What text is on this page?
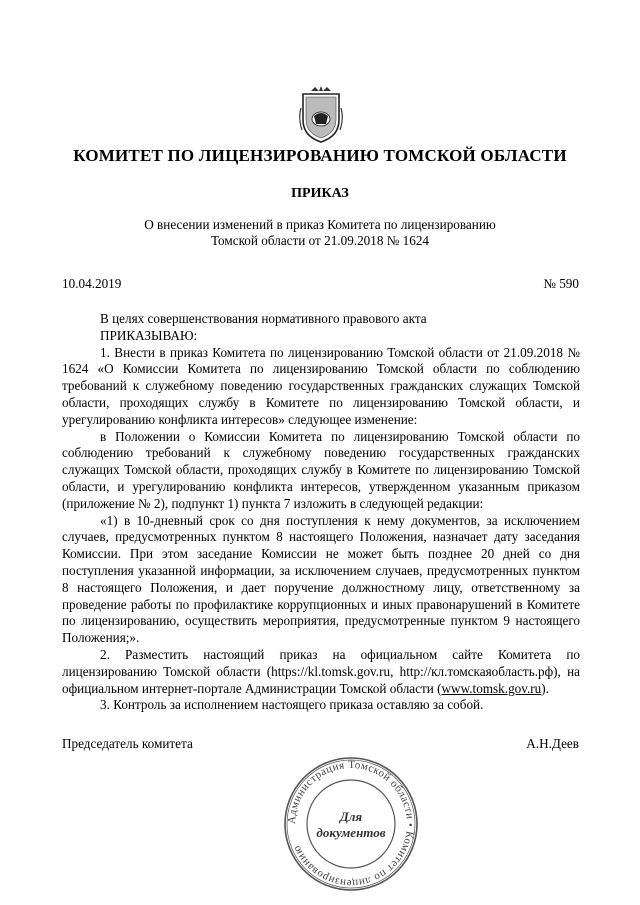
КОМИТЕТ ПО ЛИЦЕНЗИРОВАНИЮ ТОМСКОЙ ОБЛАСТИ
ПРИКАЗ
О внесении изменений в приказ Комитета по лицензированию
Томской области от 21.09.2018 № 1624
10.04.2019	№ 590

В целях совершенствования нормативного правового акта

ПРИКАЗЫВАЮ:

1. Внести в приказ Комитета по лицензированию Томской области от 21.09.2018 № 1624 «О Комиссии Комитета по лицензированию Томской области по соблюдению требований к служебному поведению государственных гражданских служащих Томской области, проходящих службу в Комитете по лицензированию Томской области, и урегулированию конфликта интересов» следующее изменение:

в Положении о Комиссии Комитета по лицензированию Томской области по соблюдению требований к служебному поведению государственных гражданских служащих Томской области, проходящих службу в Комитете по лицензированию Томской области, и урегулированию конфликта интересов, утвержденном указанным приказом (приложение № 2), подпункт 1) пункта 7 изложить в следующей редакции:

«1) в 10-дневный срок со дня поступления к нему документов, за исключением случаев, предусмотренных пунктом 8 настоящего Положения, назначает дату заседания Комиссии. При этом заседание Комиссии не может быть позднее 20 дней со дня поступления указанной информации, за исключением случаев, предусмотренных пунктом 8 настоящего Положения, и дает поручение должностному лицу, ответственному за проведение работы по профилактике коррупционных и иных правонарушений в Комитете по лицензированию, осуществить мероприятия, предусмотренные пунктом 9 настоящего Положения;».

2. Разместить настоящий приказ на официальном сайте Комитета по лицензированию Томской области (https://kl.tomsk.gov.ru, http://кл.томскаяобласть.рф), на официальном интернет-портале Администрации Томской области (www.tomsk.gov.ru).

3. Контроль за исполнением настоящего приказа оставляю за собой.

Председатель комитета	А.Н.Деев
Администрация Томской области • Комитет по лицензированию
Для
документов
